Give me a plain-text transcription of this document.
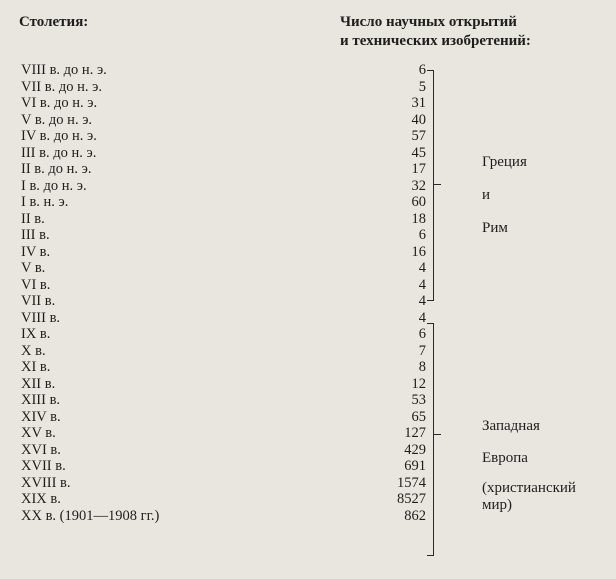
Столетия:	Число научных открытий
и технических изобретений:
VIII в. до н. э.	6
VII в. до н. э.	5
VI в. до н. э.	31
V в. до н. э.	40
IV в. до н. э.	57
III в. до н. э.	45
II в. до н. э.	17
I в. до н. э.	32
I в. н. э.	60
II в.	18
III в.	6
IV в.	16
V в.	4
VI в.	4
VII в.	4
VIII в.	4
IX в.	6
X в.	7
XI в.	8
XII в.	12
XIII в.	53
XIV в.	65
XV в.	127
XVI в.	429
XVII в.	691
XVIII в.	1574
XIX в.	8527
XX в. (1901—1908 гг.)	862
Греция
и
Рим
Западная
Европа
(христианский
мир)
